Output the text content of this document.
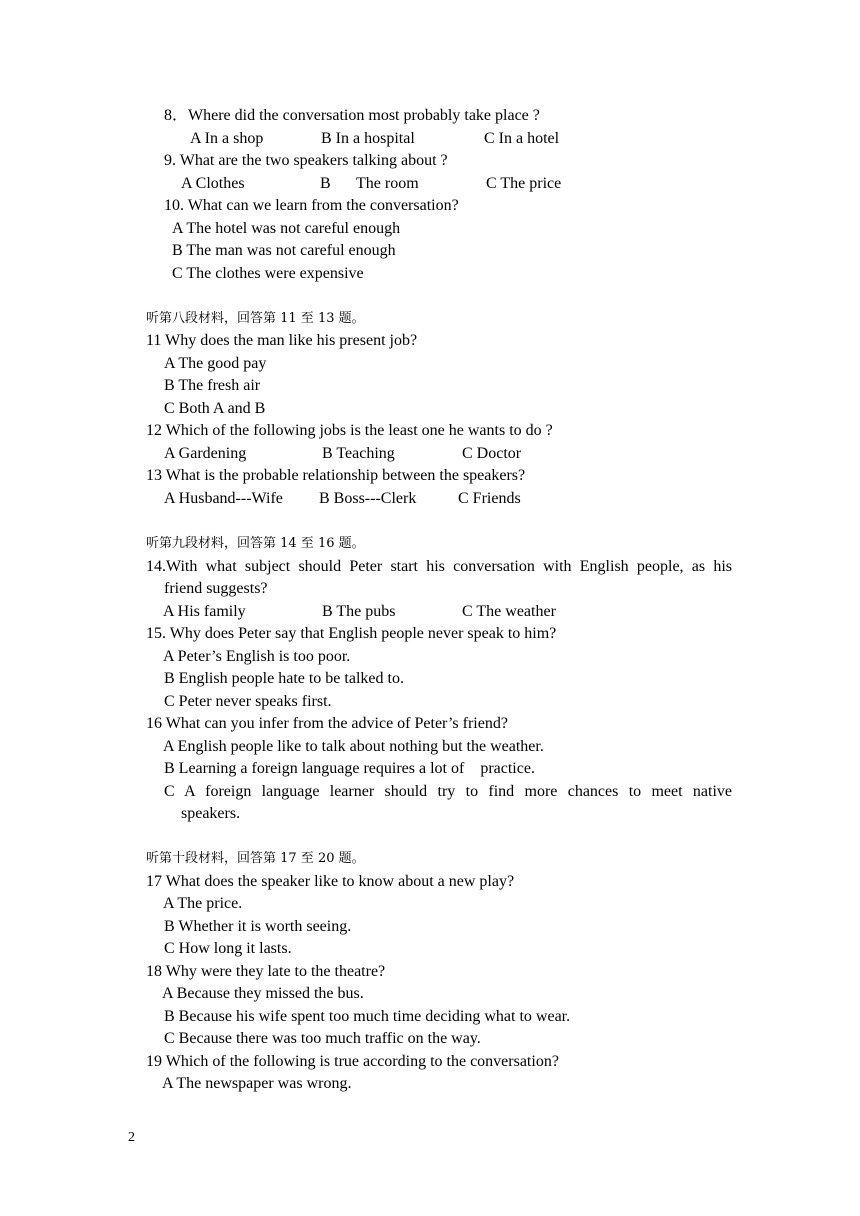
8．Where did the conversation most probably take place ?
A In a shop	B In a hospital	C In a hotel
9. What are the two speakers talking about ?
A Clothes	B The room	C The price
10. What can we learn from the conversation?
A The hotel was not careful enough
B The man was not careful enough
C The clothes were expensive
听第八段材料，回答第 11 至 13 题。
11 Why does the man like his present job?
A The good pay
B The fresh air
C Both A and B
12 Which of the following jobs is the least one he wants to do ?
A Gardening	B Teaching	C Doctor
13 What is the probable relationship between the speakers?
A Husband---Wife B Boss---Clerk	C Friends
听第九段材料，回答第 14 至 16 题。
14.With what subject should Peter start his conversation with English people, as his
friend suggests?
A His family	B The pubs	C The weather
15. Why does Peter say that English people never speak to him?
A Peter’s English is too poor.
B English people hate to be talked to.
C Peter never speaks first.
16 What can you infer from the advice of Peter’s friend?
A English people like to talk about nothing but the weather.
B Learning a foreign language requires a lot of    practice.
C A foreign language learner should try to find more chances to meet native
speakers.
听第十段材料，回答第 17 至 20 题。
17 What does the speaker like to know about a new play?
A The price.
B Whether it is worth seeing.
C How long it lasts.
18 Why were they late to the theatre?
A Because they missed the bus.
B Because his wife spent too much time deciding what to wear.
C Because there was too much traffic on the way.
19 Which of the following is true according to the conversation?
A The newspaper was wrong.
2
